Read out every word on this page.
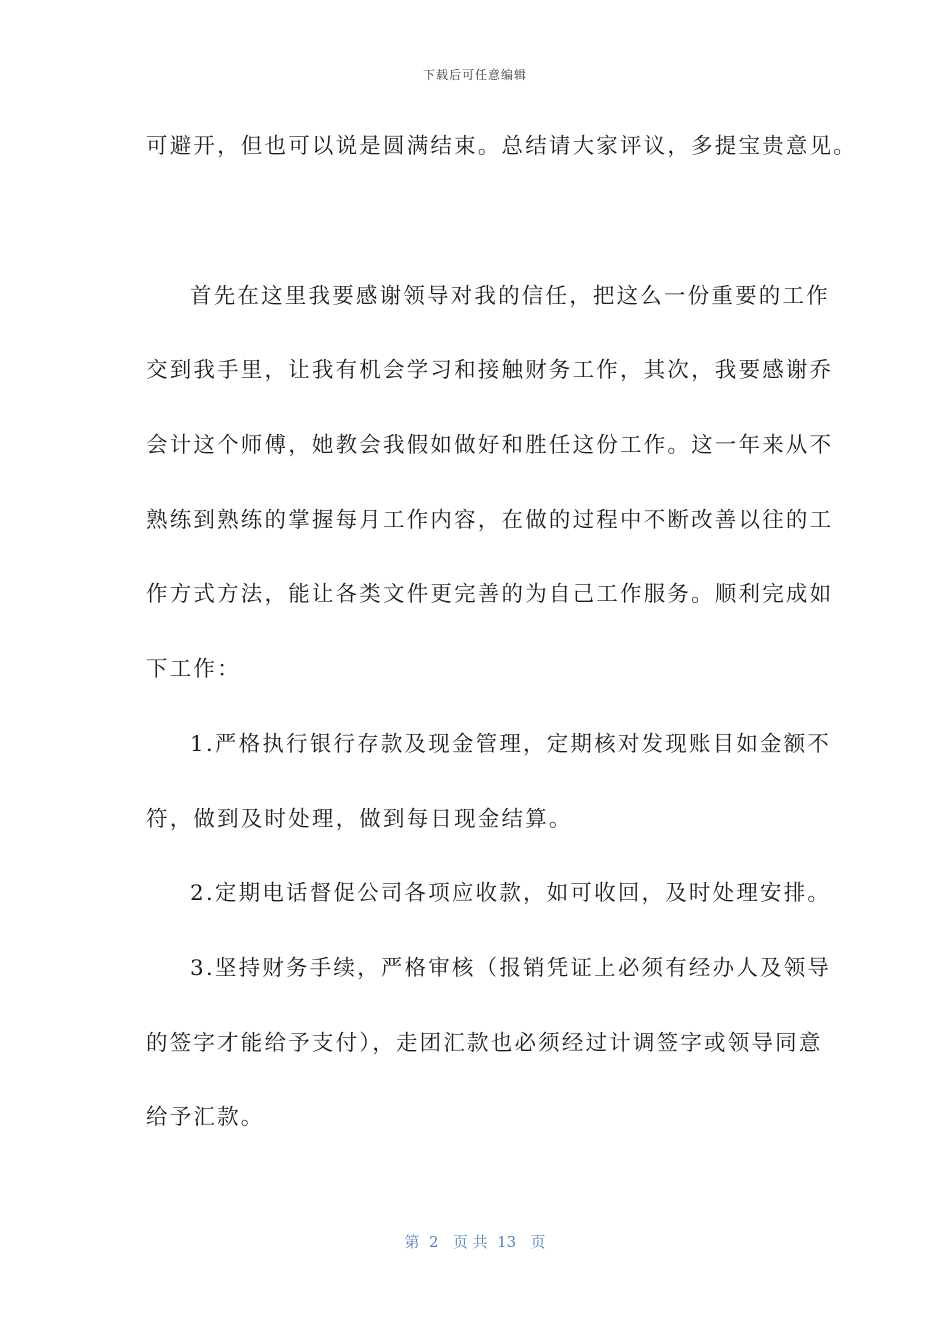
下载后可任意编辑
可避开，但也可以说是圆满结束。总结请大家评议，多提宝贵意见。
首先在这里我要感谢领导对我的信任，把这么一份重要的工作
交到我手里，让我有机会学习和接触财务工作，其次，我要感谢乔
会计这个师傅，她教会我假如做好和胜任这份工作。这一年来从不
熟练到熟练的掌握每月工作内容，在做的过程中不断改善以往的工
作方式方法，能让各类文件更完善的为自己工作服务。顺利完成如
下工作：
1.严格执行银行存款及现金管理，定期核对发现账目如金额不
符，做到及时处理，做到每日现金结算。
2.定期电话督促公司各项应收款，如可收回，及时处理安排。
3.坚持财务手续，严格审核（报销凭证上必须有经办人及领导
的签字才能给予支付），走团汇款也必须经过计调签字或领导同意
给予汇款。
第  2   页 共  13   页
